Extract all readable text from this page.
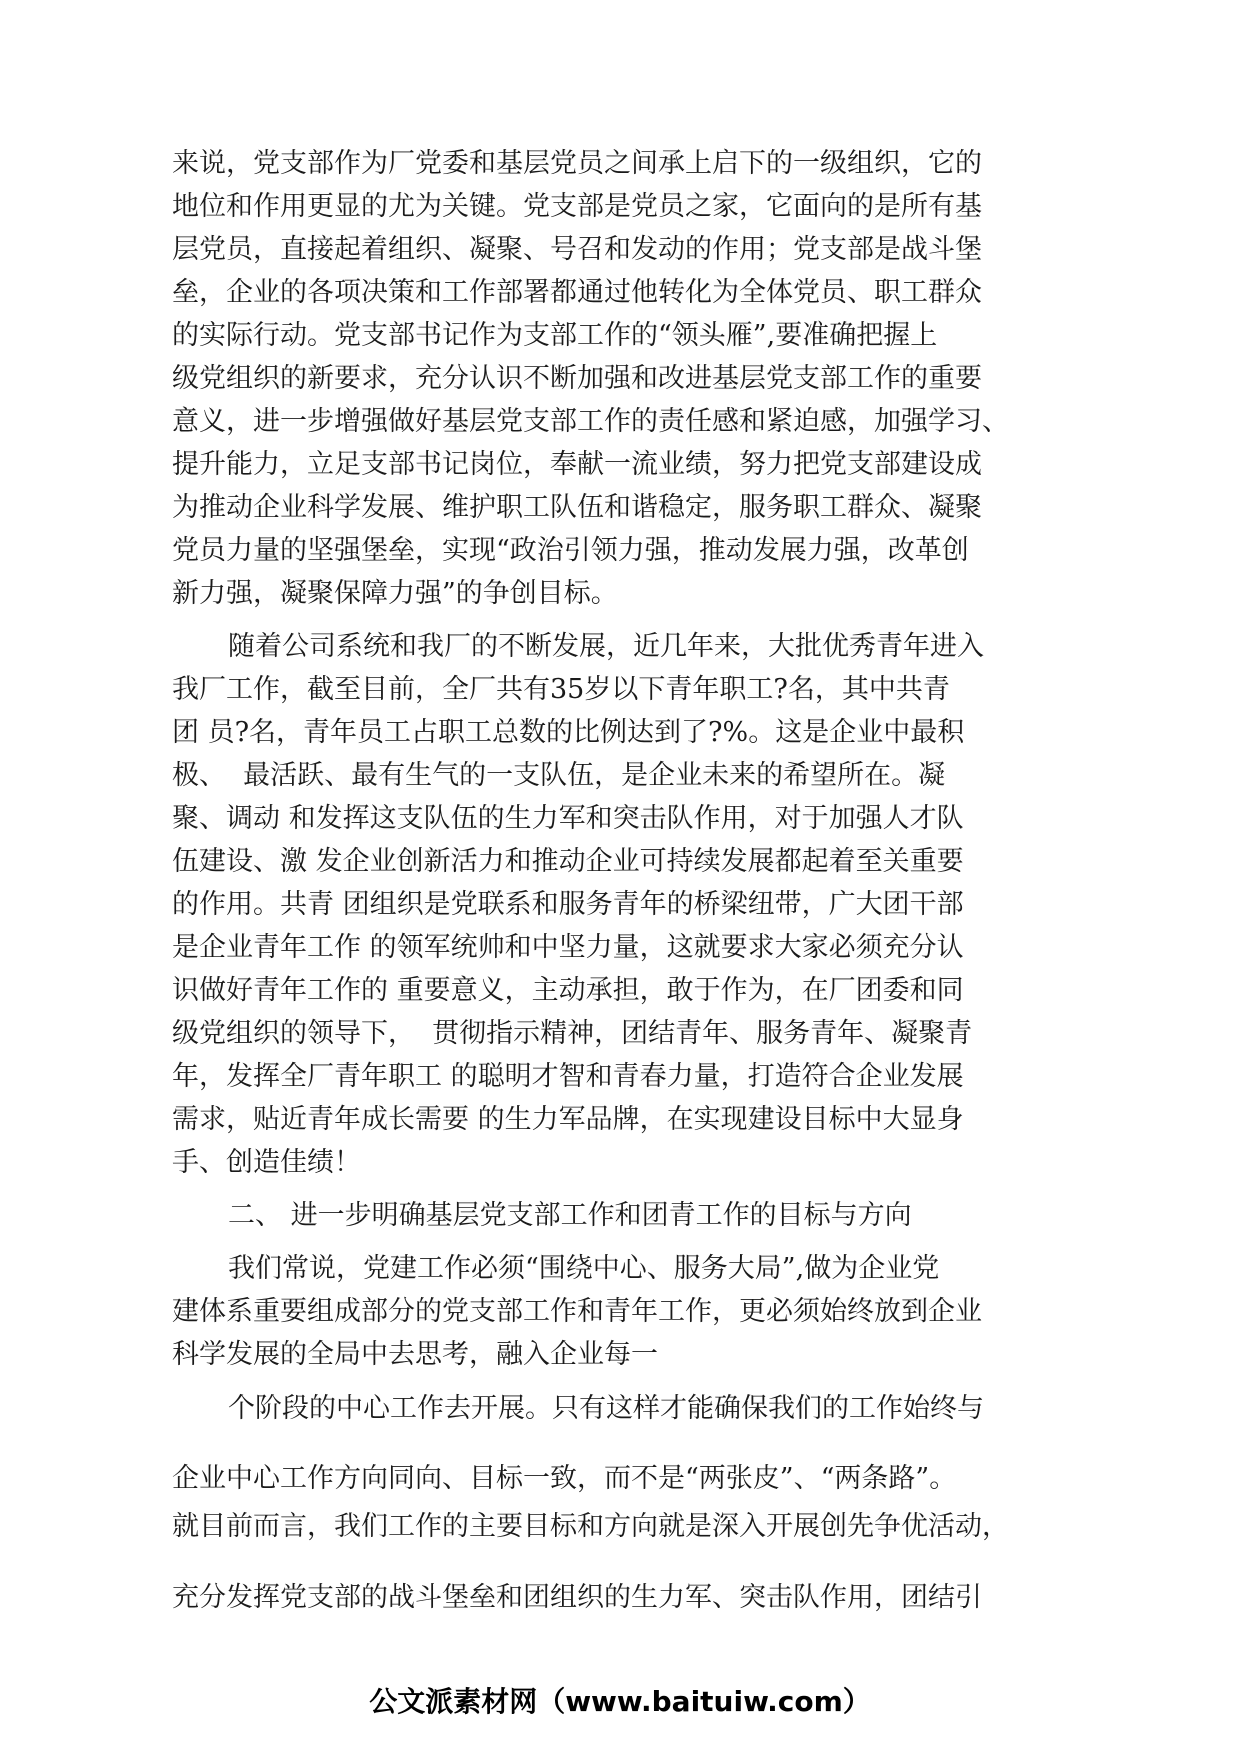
来说，党支部作为厂党委和基层党员之间承上启下的一级组织，它的

地位和作用更显的尤为关键。党支部是党员之家，它面向的是所有基

层党员，直接起着组织、凝聚、号召和发动的作用；党支部是战斗堡

垒，企业的各项决策和工作部署都通过他转化为全体党员、职工群众

的实际行动。党支部书记作为支部工作的“领头雁”,要准确把握上

级党组织的新要求，充分认识不断加强和改进基层党支部工作的重要

意义，进一步增强做好基层党支部工作的责任感和紧迫感，加强学习、

提升能力，立足支部书记岗位，奉献一流业绩，努力把党支部建设成

为推动企业科学发展、维护职工队伍和谐稳定，服务职工群众、凝聚

党员力量的坚强堡垒，实现“政治引领力强，推动发展力强，改革创

新力强，凝聚保障力强”的争创目标。

随着公司系统和我厂的不断发展，近几年来，大批优秀青年进入

我厂工作，截至目前，全厂共有35岁以下青年职工?名，其中共青

团 员?名，青年员工占职工总数的比例达到了?%。这是企业中最积

极、  最活跃、最有生气的一支队伍，是企业未来的希望所在。凝

聚、调动 和发挥这支队伍的生力军和突击队作用，对于加强人才队

伍建设、激 发企业创新活力和推动企业可持续发展都起着至关重要

的作用。共青 团组织是党联系和服务青年的桥梁纽带，广大团干部

是企业青年工作 的领军统帅和中坚力量，这就要求大家必须充分认

识做好青年工作的 重要意义，主动承担，敢于作为，在厂团委和同

级党组织的领导下，  贯彻指示精神，团结青年、服务青年、凝聚青

年，发挥全厂青年职工 的聪明才智和青春力量，打造符合企业发展

需求，贴近青年成长需要 的生力军品牌，在实现建设目标中大显身

手、创造佳绩！

二、 进一步明确基层党支部工作和团青工作的目标与方向

我们常说，党建工作必须“围绕中心、服务大局”,做为企业党

建体系重要组成部分的党支部工作和青年工作，更必须始终放到企业

科学发展的全局中去思考，融入企业每一

个阶段的中心工作去开展。只有这样才能确保我们的工作始终与

企业中心工作方向同向、目标一致，而不是“两张皮”、“两条路”。

就目前而言，我们工作的主要目标和方向就是深入开展创先争优活动，

充分发挥党支部的战斗堡垒和团组织的生力军、突击队作用，团结引

公文派素材网（www.baituiw.com）
